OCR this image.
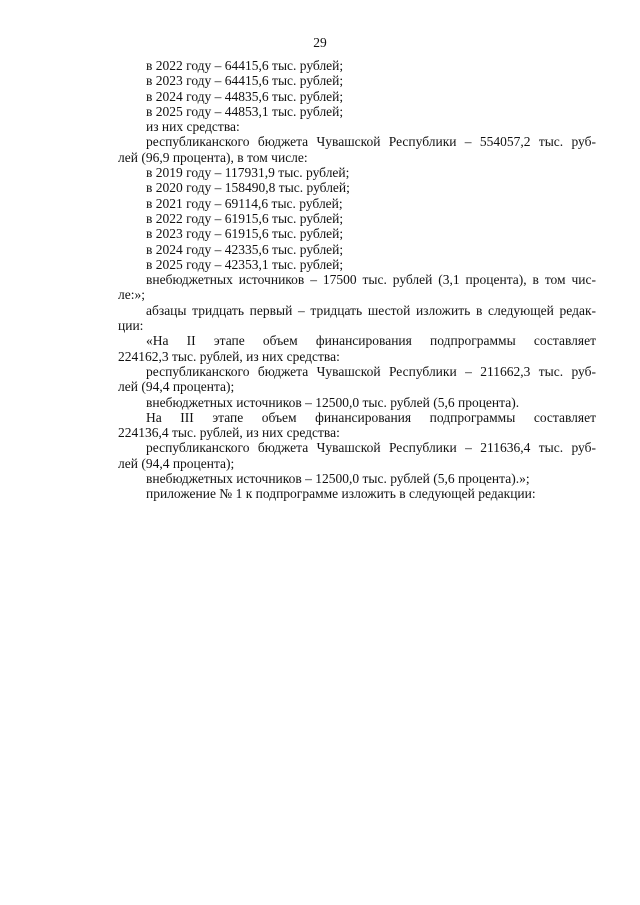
29

в 2022 году – 64415,6 тыс. рублей;

в 2023 году – 64415,6 тыс. рублей;

в 2024 году – 44835,6 тыс. рублей;

в 2025 году – 44853,1 тыс. рублей;

из них средства:

республиканского бюджета Чувашской Республики – 554057,2 тыс. руб-

лей (96,9 процента), в том числе:

в 2019 году – 117931,9 тыс. рублей;

в 2020 году – 158490,8 тыс. рублей;

в 2021 году – 69114,6 тыс. рублей;

в 2022 году – 61915,6 тыс. рублей;

в 2023 году – 61915,6 тыс. рублей;

в 2024 году – 42335,6 тыс. рублей;

в 2025 году – 42353,1 тыс. рублей;

внебюджетных источников – 17500 тыс. рублей (3,1 процента), в том чис-

ле:»;

абзацы тридцать первый – тридцать шестой изложить в следующей редак-

ции:

«На II этапе объем финансирования подпрограммы составляет

224162,3 тыс. рублей, из них средства:

республиканского бюджета Чувашской Республики – 211662,3 тыс. руб-

лей (94,4 процента);

внебюджетных источников – 12500,0 тыс. рублей (5,6 процента).

На III этапе объем финансирования подпрограммы составляет

224136,4 тыс. рублей, из них средства:

республиканского бюджета Чувашской Республики – 211636,4 тыс. руб-

лей (94,4 процента);

внебюджетных источников – 12500,0 тыс. рублей (5,6 процента).»;

приложение № 1 к подпрограмме изложить в следующей редакции:
